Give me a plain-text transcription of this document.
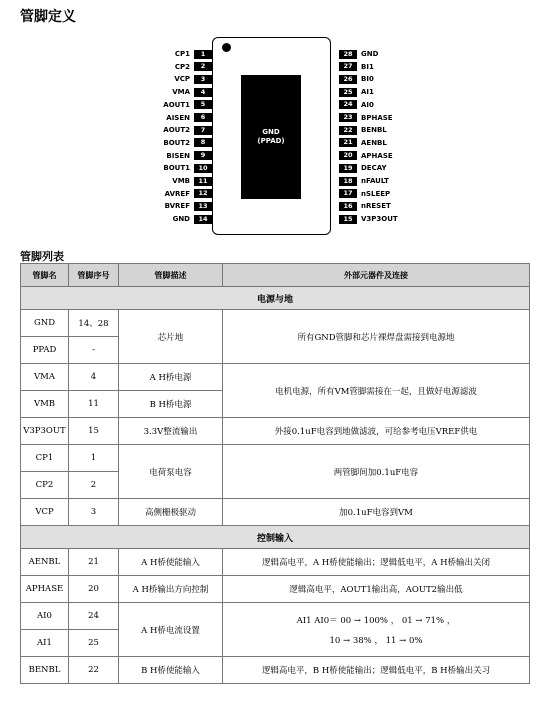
管脚定义
GND
(PPAD)
CP1	1
CP2	2
VCP	3
VMA	4
AOUT1	5
AISEN	6
AOUT2	7
BOUT2	8
BISEN	9
BOUT1	10
VMB	11
AVREF	12
BVREF	13
GND	14
28	GND
27	BI1
26	BI0
25	AI1
24	AI0
23	BPHASE
22	BENBL
21	AENBL
20	APHASE
19	DECAY
18	nFAULT
17	nSLEEP
16	nRESET
15	V3P3OUT
管脚列表
管脚名	管脚序号	管脚描述	外部元器件及连接
电源与地			
GND	14、28	芯片地	所有GND管脚和芯片裸焊盘需接到电源地
PPAD	-		
VMA	4	A H桥电源	电机电源，所有VM管脚需接在一起，且做好电源滤波
VMB	11	B H桥电源	
V3P3OUT	15	3.3V整流输出	外接0.1uF电容到地做滤波，可给参考电压VREF供电
CP1	1	电荷泵电容	两管脚间加0.1uF电容
CP2	2		
VCP	3	高侧栅极驱动	加0.1uF电容到VM
控制输入			
AENBL	21	A H桥使能输入	逻辑高电平，A H桥使能输出；逻辑低电平，A H桥输出关闭
APHASE	20	A H桥输出方向控制	逻辑高电平，AOUT1输出高，AOUT2输出低
AI0	24	A H桥电流设置	AI1 AI0＝ 00 → 100% ， 01 → 71% ，
10 → 38% ， 11 → 0%

AI1	25		
BENBL	22	B H桥使能输入	逻辑高电平，B H桥使能输出；逻辑低电平，B H桥输出关习
